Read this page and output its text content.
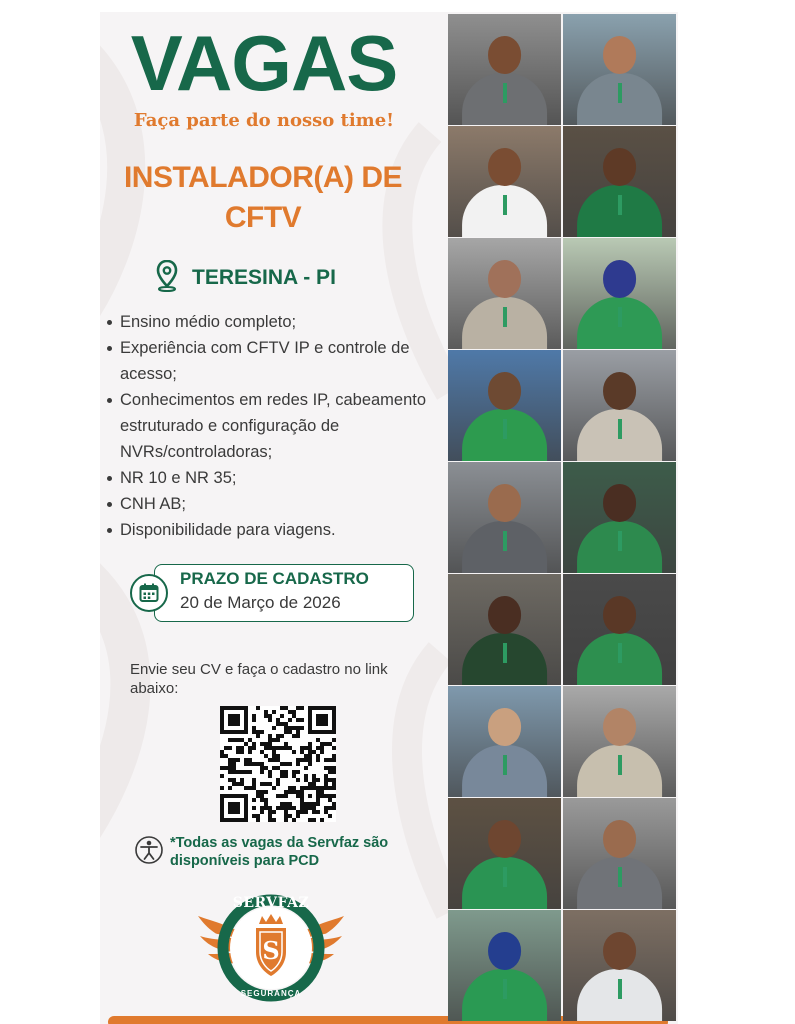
VAGAS
Faça parte do nosso time!
INSTALADOR(A) DE
CFTV
TERESINA - PI
Ensino médio completo;
Experiência com CFTV IP e controle de acesso;
Conhecimentos em redes IP, cabeamento estruturado e configuração de NVRs/controladoras;
NR 10 e NR 35;
CNH AB;
Disponibilidade para viagens.
PRAZO DE CADASTRO
20 de Março de 2026
Envie seu CV e faça o cadastro no link abaixo:
*Todas as vagas da Servfaz são disponíveis para PCD
S
SERVFAZ
SEGURANÇA
